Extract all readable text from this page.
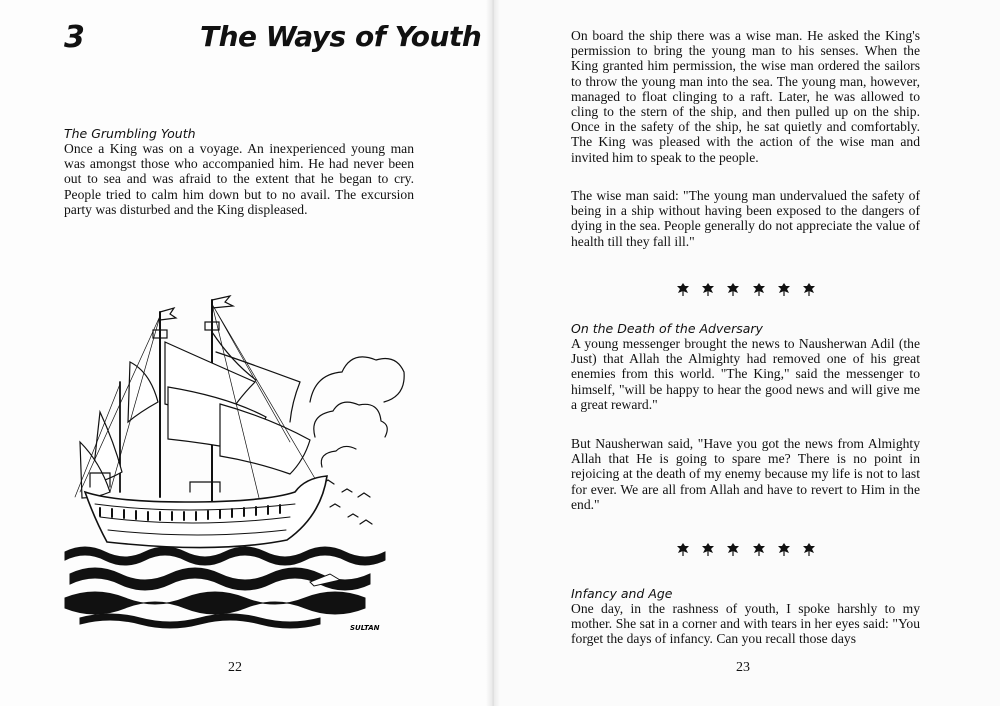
3	The Ways of Youth
The Grumbling Youth
Once a King was on a voyage. An inexperienced young man was amongst those who accompanied him. He had never been out to sea and was afraid to the extent that he began to cry. People tried to calm him down but to no avail. The excursion party was disturbed and the King displeased.
SULTAN
22
On board the ship there was a wise man. He asked the King's permission to bring the young man to his senses. When the King granted him permission, the wise man ordered the sailors to throw the young man into the sea. The young man, however, managed to float clinging to a raft. Later, he was allowed to cling to the stern of the ship, and then pulled up on the ship. Once in the safety of the ship, he sat quietly and comfortably. The King was pleased with the action of the wise man and invited him to speak to the people.
The wise man said: "The young man undervalued the safety of being in a ship without having been exposed to the dangers of dying in the sea. People generally do not appreciate the value of health till they fall ill."
On the Death of the Adversary
A young messenger brought the news to Nausherwan Adil (the Just) that Allah the Almighty had removed one of his great enemies from this world. "The King," said the messenger to himself, "will be happy to hear the good news and will give me a great reward."
But Nausherwan said, "Have you got the news from Almighty Allah that He is going to spare me? There is no point in rejoicing at the death of my enemy because my life is not to last for ever. We are all from Allah and have to revert to Him in the end."
Infancy and Age
One day, in the rashness of youth, I spoke harshly to my mother. She sat in a corner and with tears in her eyes said: "You forget the days of infancy. Can you recall those days
23
